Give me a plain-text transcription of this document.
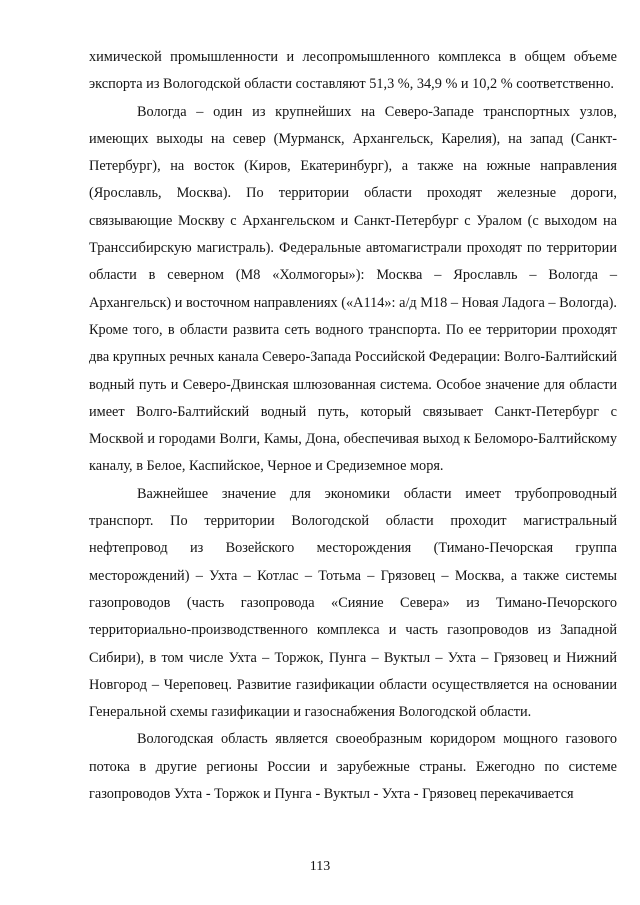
химической промышленности и лесопромышленного комплекса в общем объеме экспорта из Вологодской области составляют 51,3 %, 34,9 % и 10,2 % соответственно.

Вологда – один из крупнейших на Северо-Западе транспортных узлов, имеющих выходы на север (Мурманск, Архангельск, Карелия), на запад (Санкт-Петербург), на восток (Киров, Екатеринбург), а также на южные направления (Ярославль, Москва). По территории области проходят железные дороги, связывающие Москву с Архангельском и Санкт-Петербург с Уралом (с выходом на Транссибирскую магистраль). Федеральные автомагистрали проходят по территории области в северном (М8 «Холмогоры»): Москва – Ярославль – Вологда – Архангельск) и восточном направлениях («А114»: а/д М18 – Новая Ладога – Вологда). Кроме того, в области развита сеть водного транспорта. По ее территории проходят два крупных речных канала Северо-Запада Российской Федерации: Волго-Балтийский водный путь и Северо-Двинская шлюзованная система. Особое значение для области имеет Волго-Балтийский водный путь, который связывает Санкт-Петербург с Москвой и городами Волги, Камы, Дона, обеспечивая выход к Беломоро-Балтийскому каналу, в Белое, Каспийское, Черное и Средиземное моря.

Важнейшее значение для экономики области имеет трубопроводный транспорт. По территории Вологодской области проходит магистральный нефтепровод из Возейского месторождения (Тимано-Печорская группа месторождений) – Ухта – Котлас – Тотьма – Грязовец – Москва, а также системы газопроводов (часть газопровода «Сияние Севера» из Тимано-Печорского территориально-производственного комплекса и часть газопроводов из Западной Сибири), в том числе Ухта – Торжок, Пунга – Вуктыл – Ухта – Грязовец и Нижний Новгород – Череповец. Развитие газификации области осуществляется на основании Генеральной схемы газификации и газоснабжения Вологодской области.

Вологодская область является своеобразным коридором мощного газового потока в другие регионы России и зарубежные страны. Ежегодно по системе газопроводов Ухта - Торжок и Пунга - Вуктыл - Ухта - Грязовец перекачивается

113
